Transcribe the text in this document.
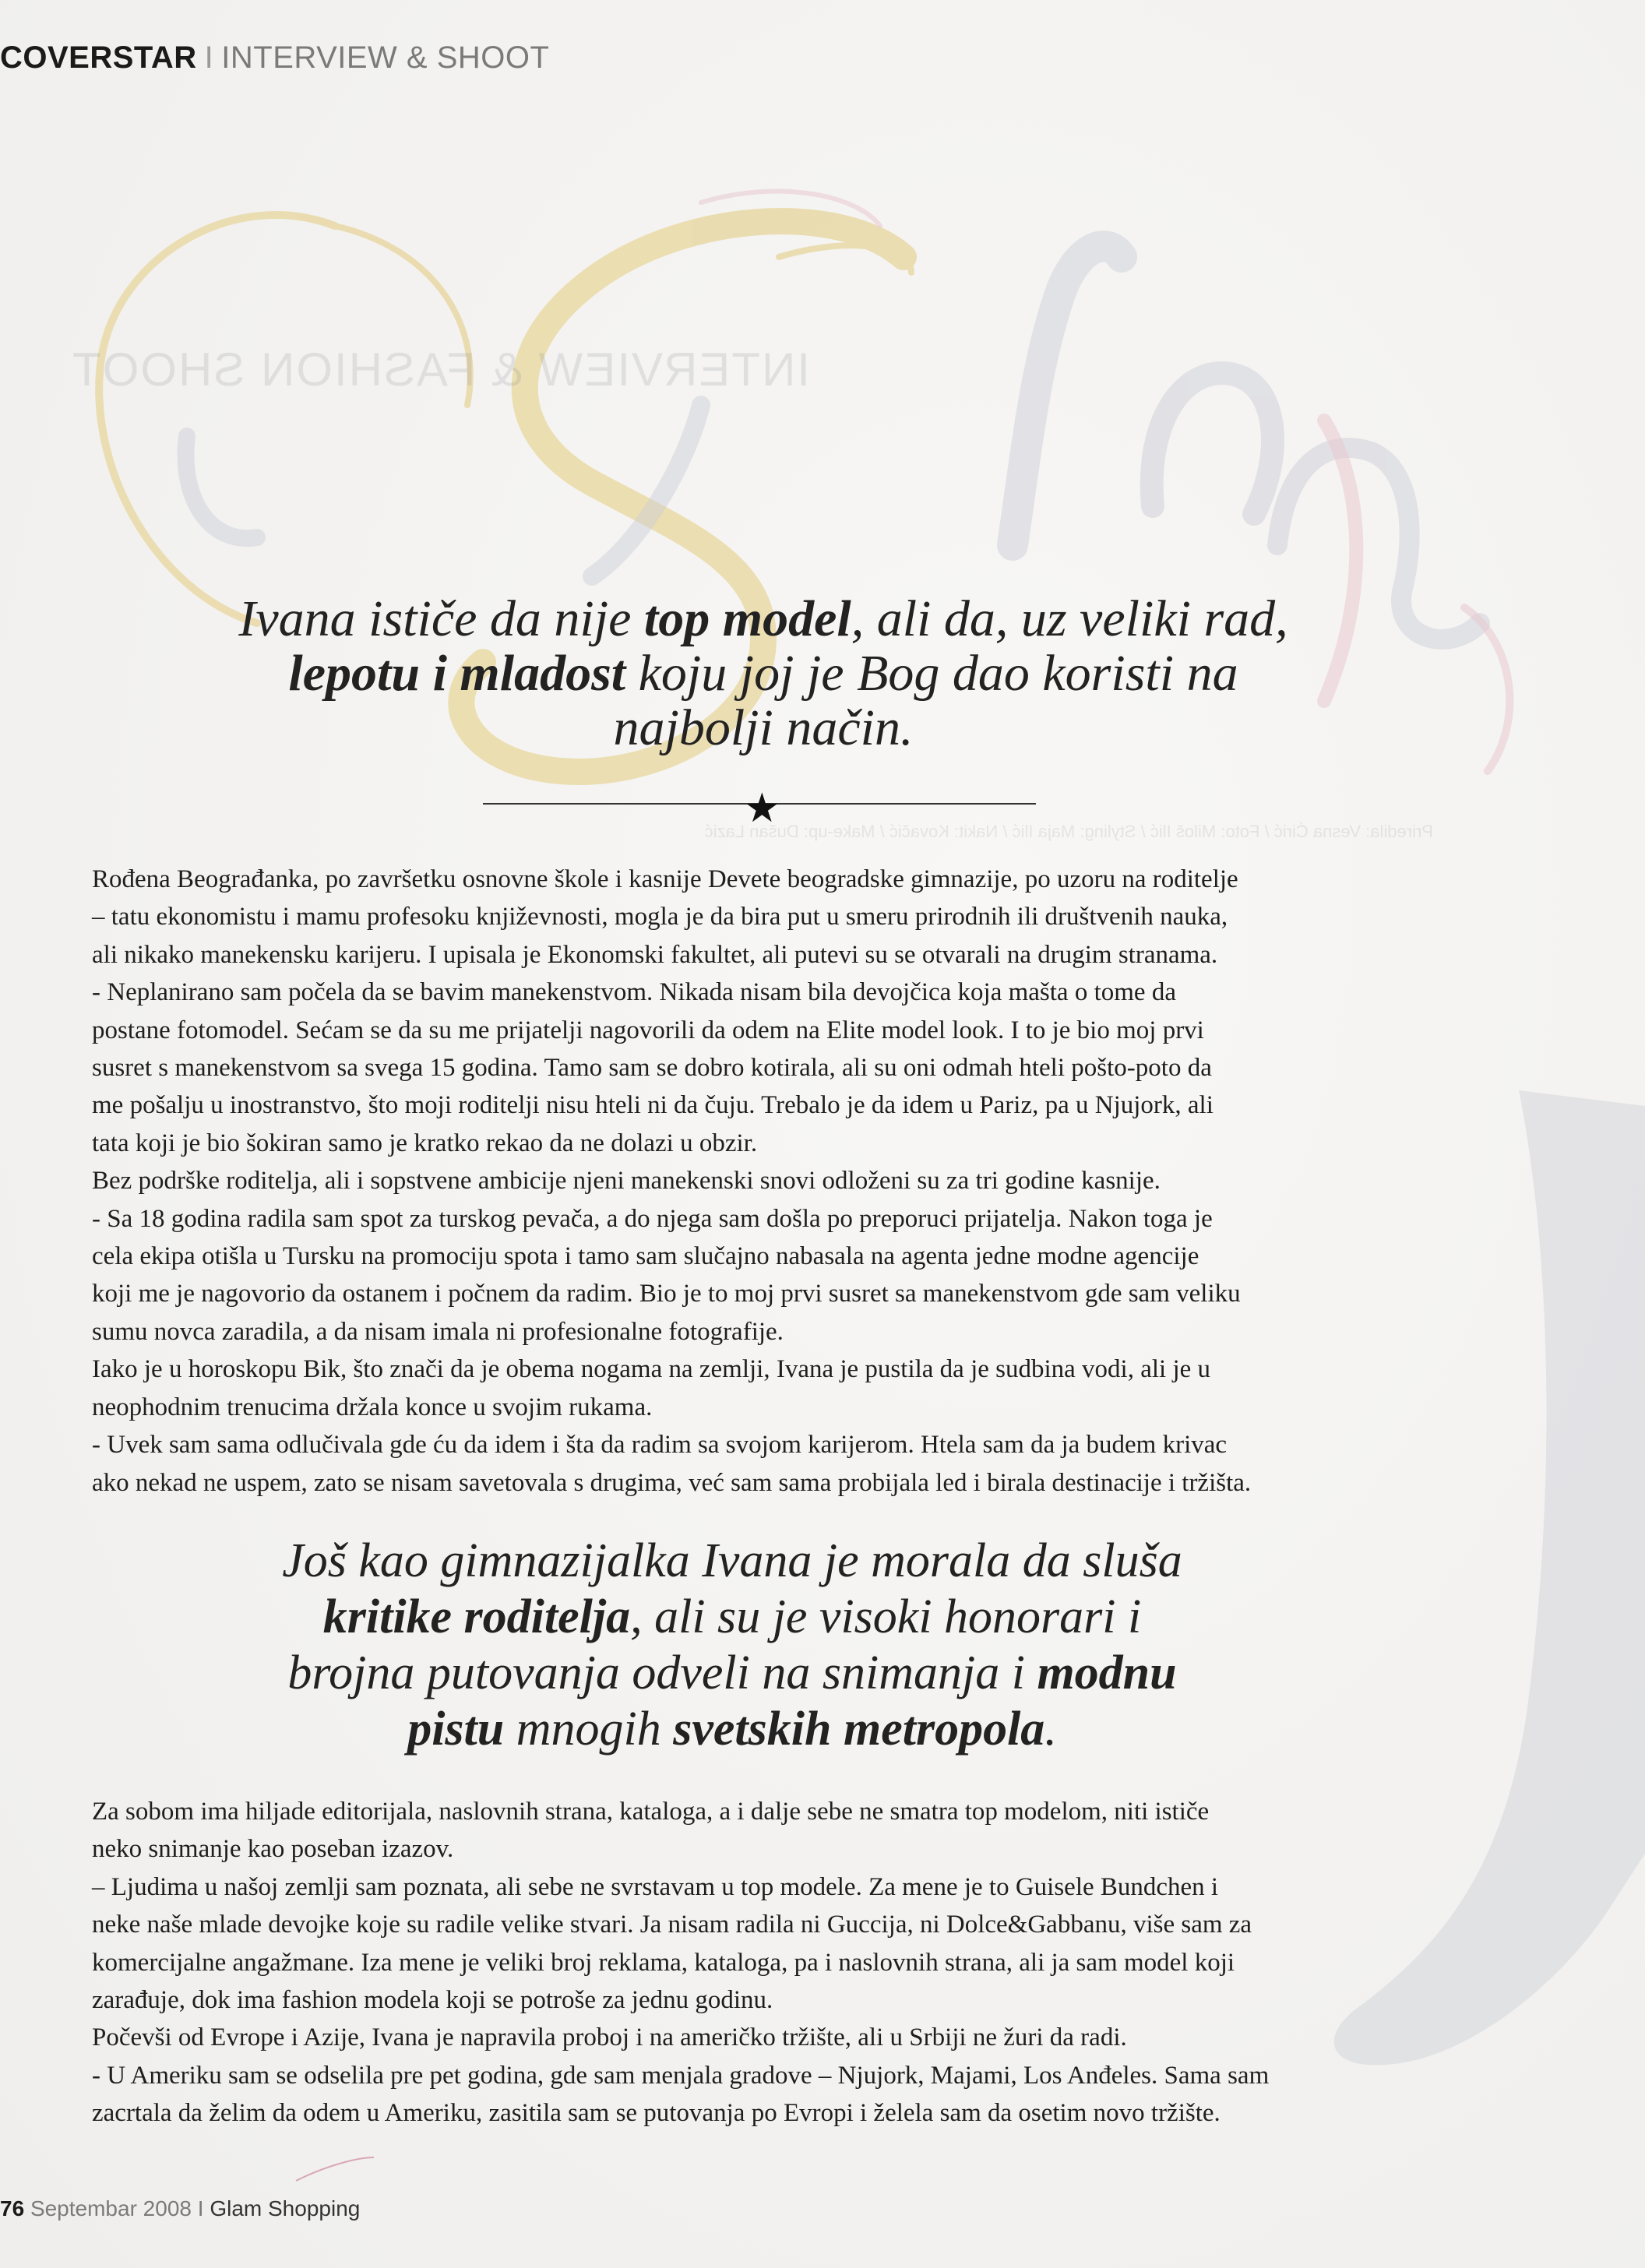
INTERVIEW & FASHION SHOOT
Priredila: Vesna Ćirić / Foto: Miloš Ilić / Styling: Maja Ilić / Nakit: Kovačić / Make-up: Dušan Lazić
COVERSTAR I INTERVIEW & SHOOT
Ivana ističe da nije top model, ali da, uz veliki rad,
lepotu i mladost koju joj je Bog dao koristi na
najbolji način.
★

Rođena Beograđanka, po završetku osnovne škole i kasnije Devete beogradske gimnazije, po uzoru na roditelje

– tatu ekonomistu i mamu profesoku književnosti, mogla je da bira put u smeru prirodnih ili društvenih nauka,

ali nikako manekensku karijeru. I upisala je Ekonomski fakultet, ali putevi su se otvarali na drugim stranama.

- Neplanirano sam počela da se bavim manekenstvom. Nikada nisam bila devojčica koja mašta o tome da

postane fotomodel. Sećam se da su me prijatelji nagovorili da odem na Elite model look. I to je bio moj prvi

susret s manekenstvom sa svega 15 godina. Tamo sam se dobro kotirala, ali su oni odmah hteli pošto-poto da

me pošalju u inostranstvo, što moji roditelji nisu hteli ni da čuju. Trebalo je da idem u Pariz, pa u Njujork, ali

tata koji je bio šokiran samo je kratko rekao da ne dolazi u obzir.

Bez podrške roditelja, ali i sopstvene ambicije njeni manekenski snovi odloženi su za tri godine kasnije.

- Sa 18 godina radila sam spot za turskog pevača, a do njega sam došla po preporuci prijatelja. Nakon toga je

cela ekipa otišla u Tursku na promociju spota i tamo sam slučajno nabasala na agenta jedne modne agencije

koji me je nagovorio da ostanem i počnem da radim. Bio je to moj prvi susret sa manekenstvom gde sam veliku

sumu novca zaradila, a da nisam imala ni profesionalne fotografije.

Iako je u horoskopu Bik, što znači da je obema nogama na zemlji, Ivana je pustila da je sudbina vodi, ali je u

neophodnim trenucima držala konce u svojim rukama.

- Uvek sam sama odlučivala gde ću da idem i šta da radim sa svojom karijerom. Htela sam da ja budem krivac

ako nekad ne uspem, zato se nisam savetovala s drugima, već sam sama probijala led i birala destinacije i tržišta.

Još kao gimnazijalka Ivana je morala da sluša
kritike roditelja, ali su je visoki honorari i
brojna putovanja odveli na snimanja i modnu
pistu mnogih svetskih metropola.

Za sobom ima hiljade editorijala, naslovnih strana, kataloga, a i dalje sebe ne smatra top modelom, niti ističe

neko snimanje kao poseban izazov.

– Ljudima u našoj zemlji sam poznata, ali sebe ne svrstavam u top modele. Za mene je to Guisele Bundchen i

neke naše mlade devojke koje su radile velike stvari. Ja nisam radila ni Guccija, ni Dolce&Gabbanu, više sam za

komercijalne angažmane. Iza mene je veliki broj reklama, kataloga, pa i naslovnih strana, ali ja sam model koji

zarađuje, dok ima fashion modela koji se potroše za jednu godinu.

Počevši od Evrope i Azije, Ivana je napravila proboj i na američko tržište, ali u Srbiji ne žuri da radi.

- U Ameriku sam se odselila pre pet godina, gde sam menjala gradove – Njujork, Majami, Los Anđeles. Sama sam

zacrtala da želim da odem u Ameriku, zasitila sam se putovanja po Evropi i želela sam da osetim novo tržište.

76 Septembar 2008 I Glam Shopping
